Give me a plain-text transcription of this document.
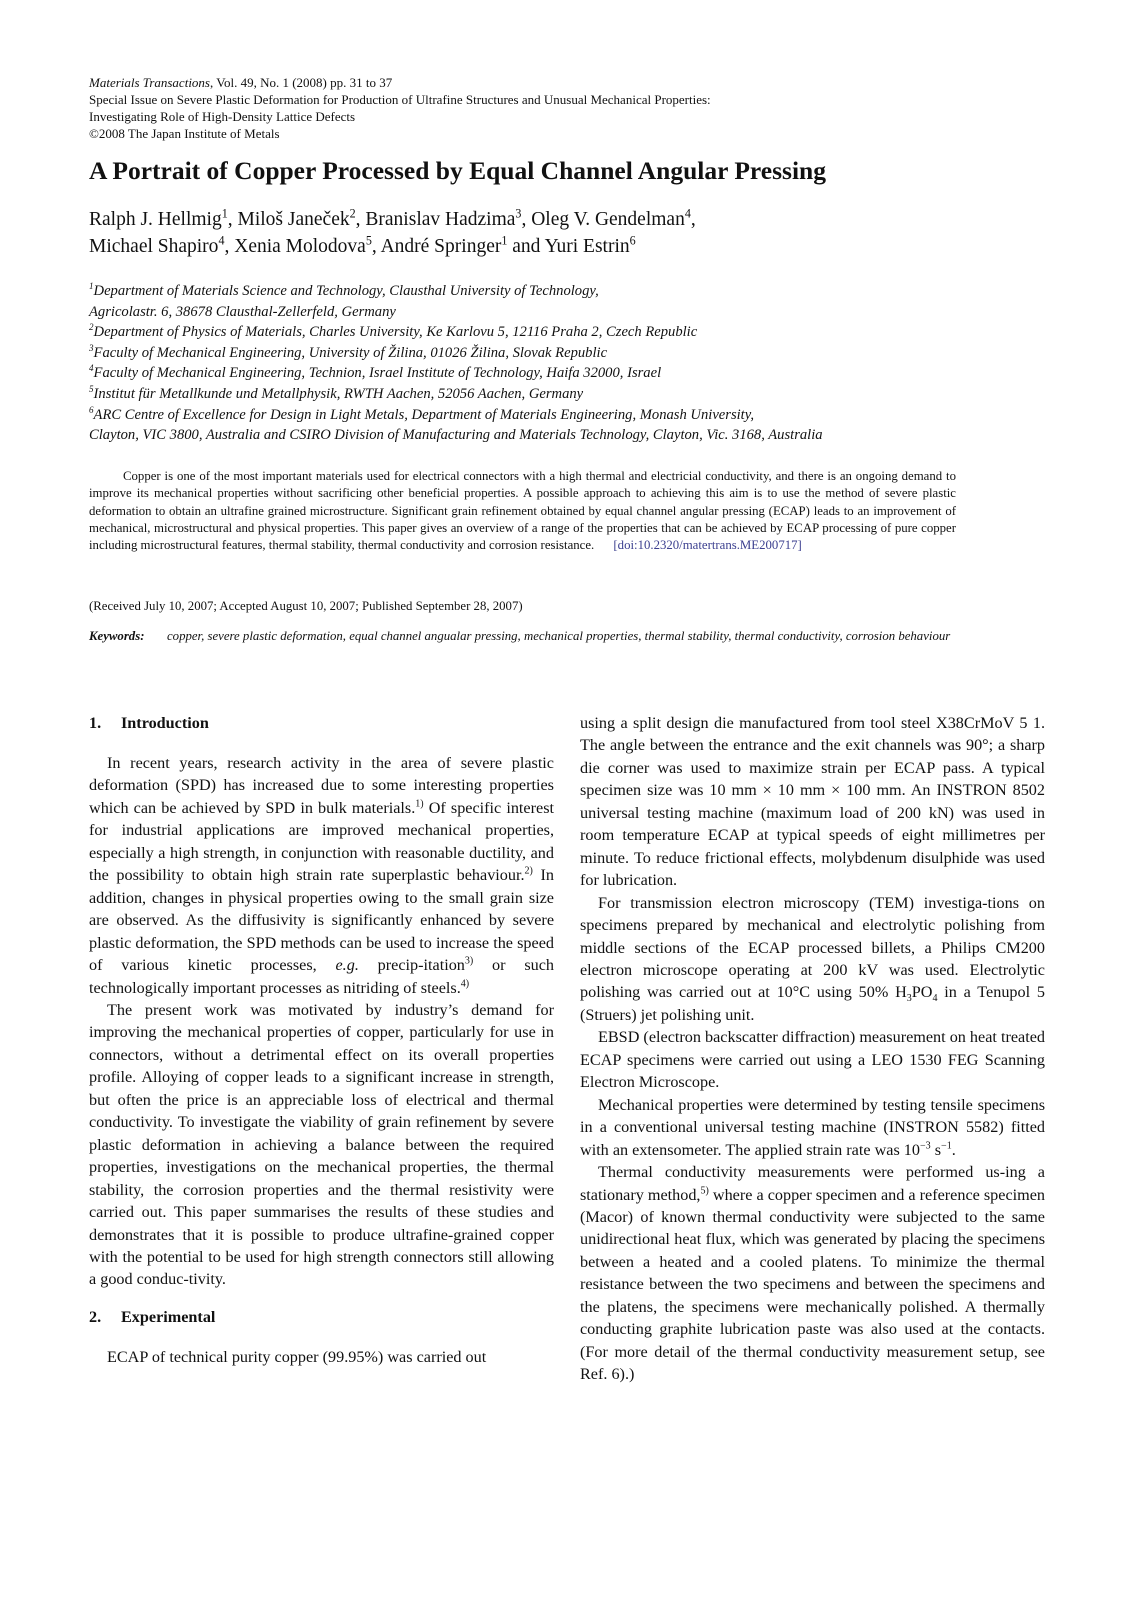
Materials Transactions, Vol. 49, No. 1 (2008) pp. 31 to 37
Special Issue on Severe Plastic Deformation for Production of Ultrafine Structures and Unusual Mechanical Properties:
Investigating Role of High-Density Lattice Defects
©2008 The Japan Institute of Metals
A Portrait of Copper Processed by Equal Channel Angular Pressing
Ralph J. Hellmig$^1$, Miloš Janeček$^2$, Branislav Hadzima$^3$, Oleg V. Gendelman$^4$,
Michael Shapiro$^4$, Xenia Molodova$^5$, André Springer$^1$ and Yuri Estrin$^6$
$^1$Department of Materials Science and Technology, Clausthal University of Technology,
Agricolastr. 6, 38678 Clausthal-Zellerfeld, Germany
$^2$Department of Physics of Materials, Charles University, Ke Karlovu 5, 12116 Praha 2, Czech Republic
$^3$Faculty of Mechanical Engineering, University of Žilina, 01026 Žilina, Slovak Republic
$^4$Faculty of Mechanical Engineering, Technion, Israel Institute of Technology, Haifa 32000, Israel
$^5$Institut für Metallkunde und Metallphysik, RWTH Aachen, 52056 Aachen, Germany
$^6$ARC Centre of Excellence for Design in Light Metals, Department of Materials Engineering, Monash University,
Clayton, VIC 3800, Australia and CSIRO Division of Manufacturing and Materials Technology, Clayton, Vic. 3168, Australia
Copper is one of the most important materials used for electrical connectors with a high thermal and electricial conductivity, and there is an ongoing demand to improve its mechanical properties without sacrificing other beneficial properties. A possible approach to achieving this aim is to use the method of severe plastic deformation to obtain an ultrafine grained microstructure. Significant grain refinement obtained by equal channel angular pressing (ECAP) leads to an improvement of mechanical, microstructural and physical properties. This paper gives an overview of a range of the properties that can be achieved by ECAP processing of pure copper including microstructural features, thermal stability, thermal conductivity and corrosion resistance. [doi:10.2320/matertrans.ME200717]
(Received July 10, 2007; Accepted August 10, 2007; Published September 28, 2007)
Keywords: copper, severe plastic deformation, equal channel angualar pressing, mechanical properties, thermal stability, thermal conductivity, corrosion behaviour
1. Introduction

In recent years, research activity in the area of severe plastic deformation (SPD) has increased due to some interesting properties which can be achieved by SPD in bulk materials.$^{1)}$ Of specific interest for industrial applications are improved mechanical properties, especially a high strength, in conjunction with reasonable ductility, and the possibility to obtain high strain rate superplastic behaviour.$^{2)}$ In addition, changes in physical properties owing to the small grain size are observed. As the diffusivity is significantly enhanced by severe plastic deformation, the SPD methods can be used to increase the speed of various kinetic processes, e.g. precip-itation$^{3)}$ or such technologically important processes as nitriding of steels.$^{4)}$

The present work was motivated by industry’s demand for improving the mechanical properties of copper, particularly for use in connectors, without a detrimental effect on its overall properties profile. Alloying of copper leads to a significant increase in strength, but often the price is an appreciable loss of electrical and thermal conductivity. To investigate the viability of grain refinement by severe plastic deformation in achieving a balance between the required properties, investigations on the mechanical properties, the thermal stability, the corrosion properties and the thermal resistivity were carried out. This paper summarises the results of these studies and demonstrates that it is possible to produce ultrafine-grained copper with the potential to be used for high strength connectors still allowing a good conduc-tivity.

2. Experimental

ECAP of technical purity copper (99.95%) was carried out

using a split design die manufactured from tool steel X38CrMoV 5 1. The angle between the entrance and the exit channels was 90°; a sharp die corner was used to maximize strain per ECAP pass. A typical specimen size was 10 mm × 10 mm × 100 mm. An INSTRON 8502 universal testing machine (maximum load of 200 kN) was used in room temperature ECAP at typical speeds of eight millimetres per minute. To reduce frictional effects, molybdenum disulphide was used for lubrication.

For transmission electron microscopy (TEM) investiga-tions on specimens prepared by mechanical and electrolytic polishing from middle sections of the ECAP processed billets, a Philips CM200 electron microscope operating at 200 kV was used. Electrolytic polishing was carried out at 10°C using 50% $H_3PO_4$ in a Tenupol 5 (Struers) jet polishing unit.

EBSD (electron backscatter diffraction) measurement on heat treated ECAP specimens were carried out using a LEO 1530 FEG Scanning Electron Microscope.

Mechanical properties were determined by testing tensile specimens in a conventional universal testing machine (INSTRON 5582) fitted with an extensometer. The applied strain rate was $10^{-3}$ $s^{-1}$.

Thermal conductivity measurements were performed us-ing a stationary method,$^{5)}$ where a copper specimen and a reference specimen (Macor) of known thermal conductivity were subjected to the same unidirectional heat flux, which was generated by placing the specimens between a heated and a cooled platens. To minimize the thermal resistance between the two specimens and between the specimens and the platens, the specimens were mechanically polished. A thermally conducting graphite lubrication paste was also used at the contacts. (For more detail of the thermal conductivity measurement setup, see Ref. 6).)
